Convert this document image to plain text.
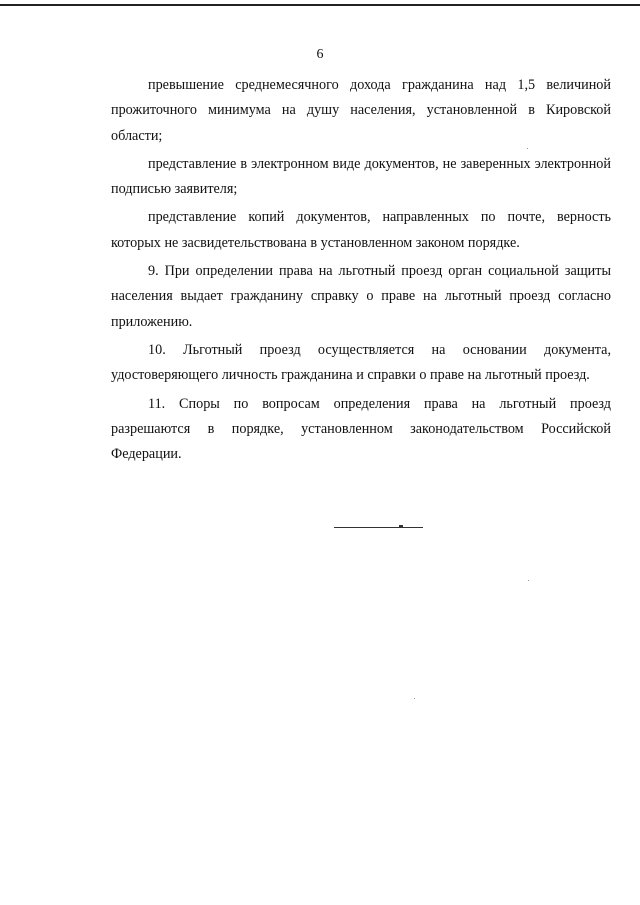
6

превышение среднемесячного дохода гражданина над 1,5 величиной прожиточного минимума на душу населения, установленной в Кировской области;

представление в электронном виде документов, не заверенных электронной подписью заявителя;

представление копий документов, направленных по почте, верность которых не засвидетельствована в установленном законом порядке.

9. При определении права на льготный проезд орган социальной защиты населения выдает гражданину справку о праве на льготный проезд согласно приложению.

10. Льготный проезд осуществляется на основании документа, удостоверяющего личность гражданина и справки о праве на льготный проезд.

11. Споры по вопросам определения права на льготный проезд разрешаются в порядке, установленном законодательством Российской Федерации.
